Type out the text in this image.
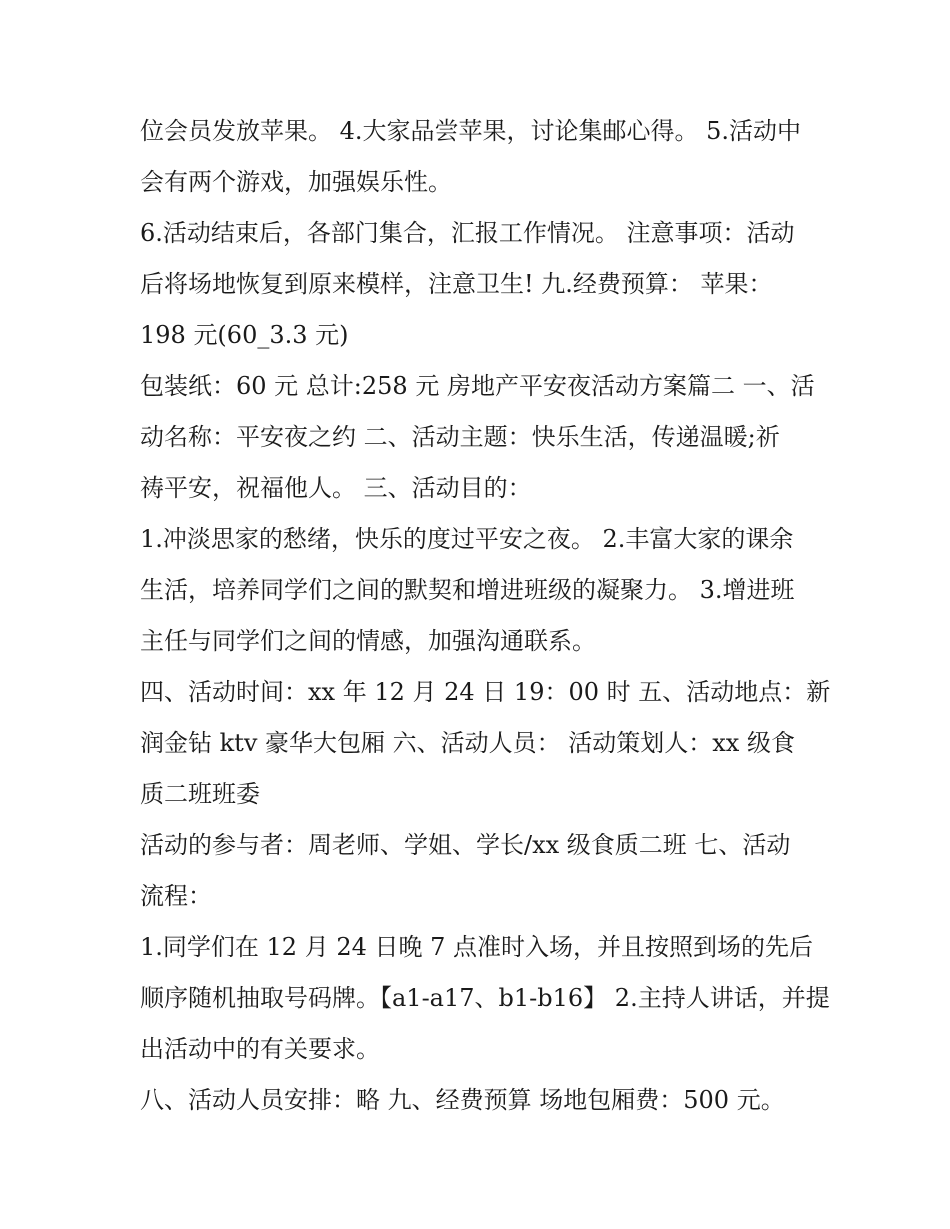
位会员发放苹果。 4.大家品尝苹果，讨论集邮心得。 5.活动中

会有两个游戏，加强娱乐性。

6.活动结束后，各部门集合，汇报工作情况。 注意事项：活动

后将场地恢复到原来模样，注意卫生! 九.经费预算： 苹果：

198 元(60_3.3 元)

包装纸：60 元 总计:258 元 房地产平安夜活动方案篇二 一、活

动名称：平安夜之约 二、活动主题：快乐生活，传递温暖;祈

祷平安，祝福他人。 三、活动目的：

1.冲淡思家的愁绪，快乐的度过平安之夜。 2.丰富大家的课余

生活，培养同学们之间的默契和增进班级的凝聚力。 3.增进班

主任与同学们之间的情感，加强沟通联系。

四、活动时间：xx 年 12 月 24 日 19：00 时 五、活动地点：新

润金钻 ktv 豪华大包厢 六、活动人员： 活动策划人：xx 级食

质二班班委

活动的参与者：周老师、学姐、学长/xx 级食质二班 七、活动

流程：

1.同学们在 12 月 24 日晚 7 点准时入场，并且按照到场的先后

顺序随机抽取号码牌。【a1-a17、b1-b16】 2.主持人讲话，并提

出活动中的有关要求。

八、活动人员安排：略 九、经费预算 场地包厢费：500 元。
